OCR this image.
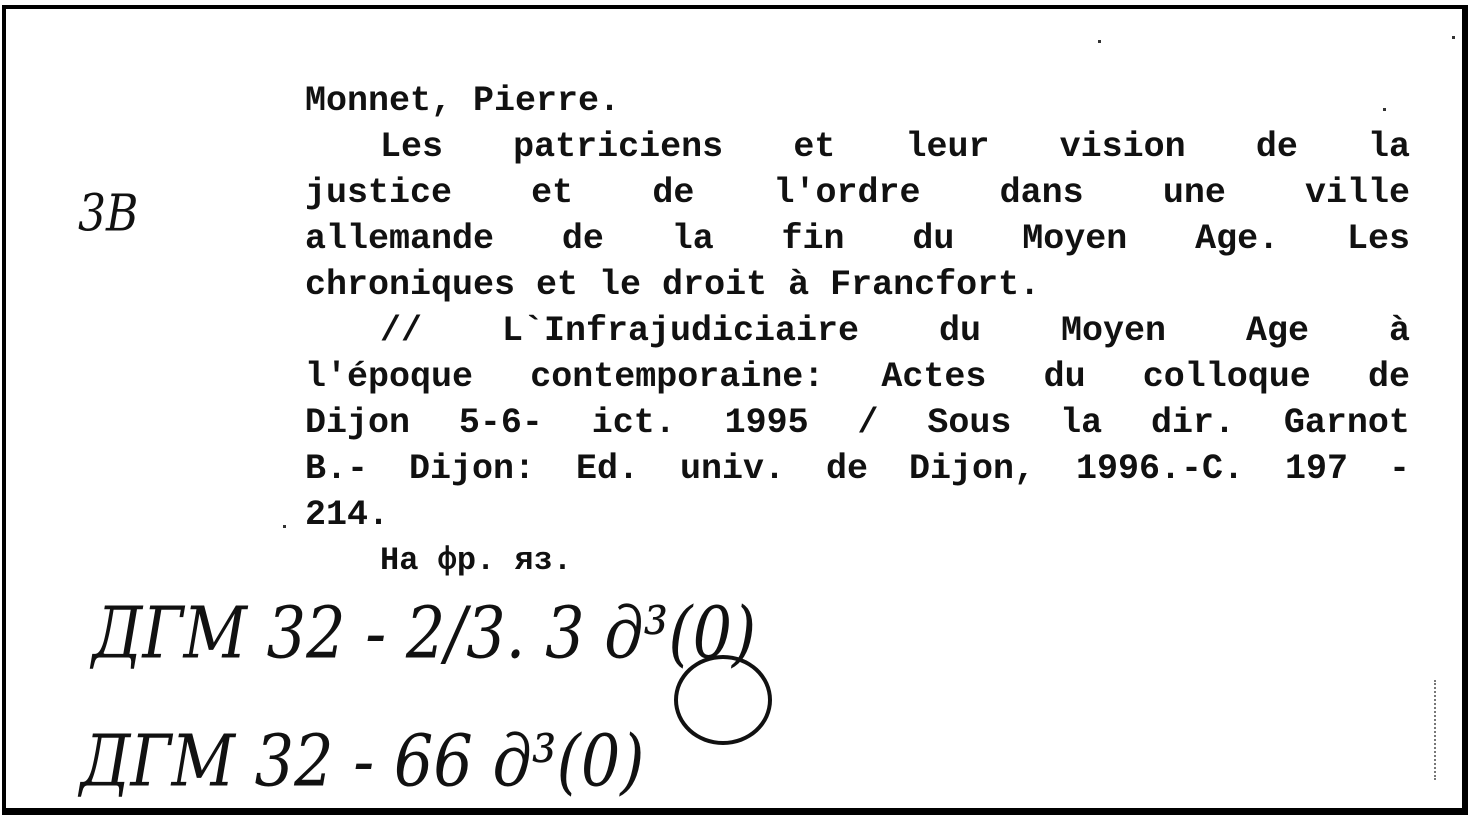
Monnet, Pierre.
Les patriciens et leur vision de la
justice et de l'ordre dans une ville
allemande de la fin du Moyen Age. Les
chroniques et le droit à Francfort.
// L`Infrajudiciaire du Moyen Age à
l'époque contemporaine: Actes du colloque de
Dijon 5-6- ict. 1995 / Sous la dir. Garnot
B.- Dijon: Ed. univ. de Dijon, 1996.-C. 197 -
214.
На фр. яз.
3В
ДГМ 32 - 2/3. 3 д³(0)
ДГМ 32 - 66 д³(0)
